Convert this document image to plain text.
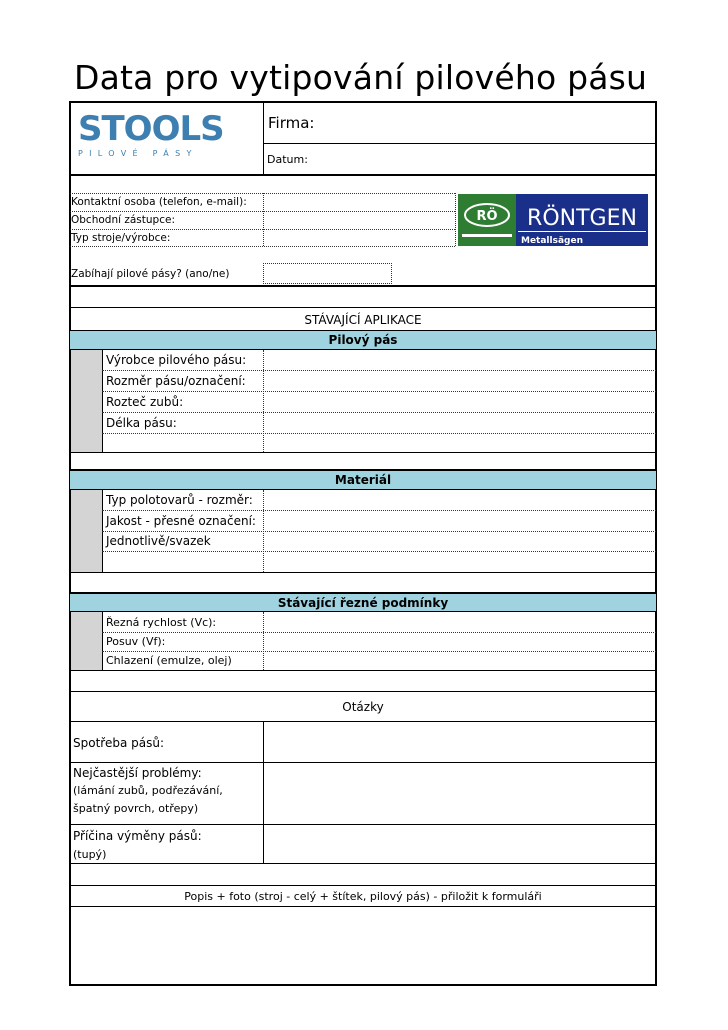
Data pro vytipování pilového pásu
STOOLS
PILOVÉ PÁSY
Firma:
Datum:
Kontaktní osoba (telefon, e-mail):
Obchodní zástupce:
Typ stroje/výrobce:
RÖ RÖNTGEN
Metallsägen
Zabíhají pilové pásy? (ano/ne)
STÁVAJÍCÍ APLIKACE
Pilový pás
Výrobce pilového pásu:
Rozměr pásu/označení:
Rozteč zubů:
Délka pásu:
Materiál
Typ polotovarů - rozměr:
Jakost - přesné označení:
Jednotlivě/svazek
Stávající řezné podmínky
Řezná rychlost (Vc):
Posuv (Vf):
Chlazení (emulze, olej)
Otázky
Spotřeba pásů:
Nejčastější problémy:
(lámání zubů, podřezávání,
špatný povrch, otřepy)
Příčina výměny pásů:
(tupý)
Popis + foto (stroj - celý + štítek, pilový pás) - přiložit k formuláři
